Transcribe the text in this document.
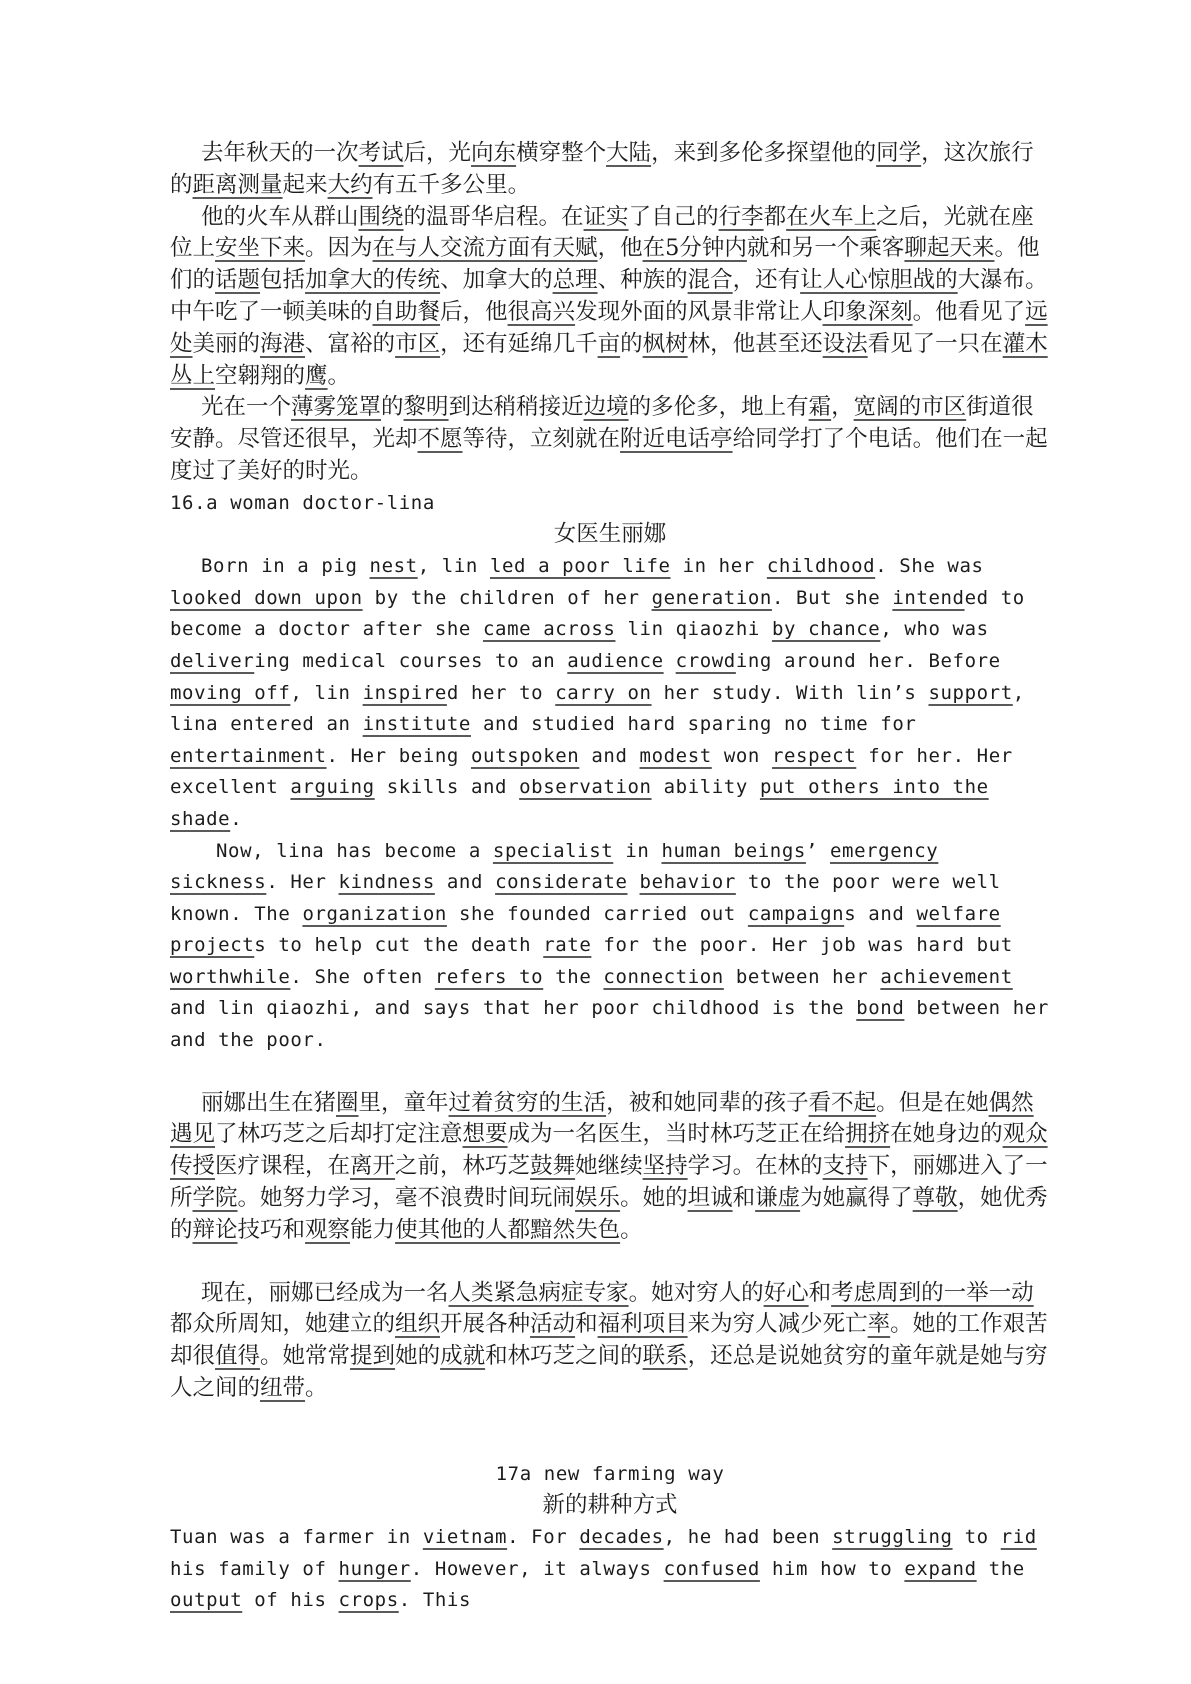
去年秋天的一次考试后，光向东横穿整个大陆，来到多伦多探望他的同学，这次旅行的距离测量起来大约有五千多公里。

他的火车从群山围绕的温哥华启程。在证实了自己的行李都在火车上之后，光就在座位上安坐下来。因为在与人交流方面有天赋，他在5分钟内就和另一个乘客聊起天来。他们的话题包括加拿大的传统、加拿大的总理、种族的混合，还有让人心惊胆战的大瀑布。中午吃了一顿美味的自助餐后，他很高兴发现外面的风景非常让人印象深刻。他看见了远处美丽的海港、富裕的市区，还有延绵几千亩的枫树林，他甚至还设法看见了一只在灌木丛上空翱翔的鹰。

光在一个薄雾笼罩的黎明到达稍稍接近边境的多伦多，地上有霜，宽阔的市区街道很安静。尽管还很早，光却不愿等待，立刻就在附近电话亭给同学打了个电话。他们在一起度过了美好的时光。

16.a woman doctor-lina

女医生丽娜

Born in a pig nest, lin led a poor life in her childhood. She was looked down upon by the children of her generation. But she intended to become a doctor after she came across lin qiaozhi by chance, who was delivering medical courses to an audience crowding around her. Before moving off, lin inspired her to carry on her study. With lin’s support, lina entered an institute and studied hard sparing no time for entertainment. Her being outspoken and modest won respect for her. Her excellent arguing skills and observation ability put others into the shade.

Now, lina has become a specialist in human beings’ emergency sickness. Her kindness and considerate behavior to the poor were well known. The organization she founded carried out campaigns and welfare projects to help cut the death rate for the poor. Her job was hard but worthwhile. She often refers to the connection between her achievement and lin qiaozhi, and says that her poor childhood is the bond between her and the poor.

丽娜出生在猪圈里，童年过着贫穷的生活，被和她同辈的孩子看不起。但是在她偶然遇见了林巧芝之后却打定注意想要成为一名医生，当时林巧芝正在给拥挤在她身边的观众传授医疗课程，在离开之前，林巧芝鼓舞她继续坚持学习。在林的支持下，丽娜进入了一所学院。她努力学习，毫不浪费时间玩闹娱乐。她的坦诚和谦虚为她赢得了尊敬，她优秀的辩论技巧和观察能力使其他的人都黯然失色。

现在，丽娜已经成为一名人类紧急病症专家。她对穷人的好心和考虑周到的一举一动都众所周知，她建立的组织开展各种活动和福利项目来为穷人减少死亡率。她的工作艰苦却很值得。她常常提到她的成就和林巧芝之间的联系，还总是说她贫穷的童年就是她与穷人之间的纽带。

17a new farming way

新的耕种方式

Tuan was a farmer in vietnam. For decades, he had been struggling to rid his family of hunger. However, it always confused him how to expand the output of his crops. This
